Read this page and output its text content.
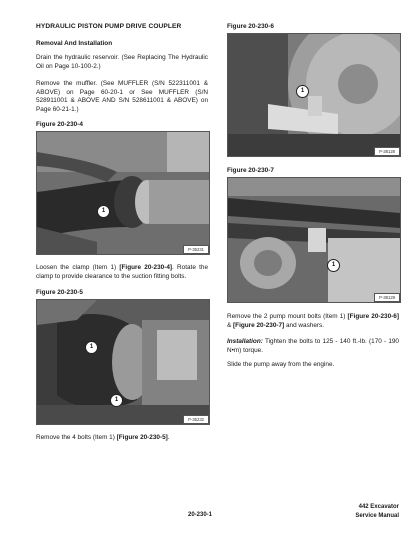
HYDRAULIC PISTON PUMP DRIVE COUPLER
Removal And Installation
Drain the hydraulic reservoir. (See Replacing The Hydraulic Oil on Page 10-100-2.)
Remove the muffler. (See MUFFLER (S/N 522311001 & ABOVE) on Page 60-20-1 or See MUFFLER (S/N 528911001 & ABOVE AND S/N 528611001 & ABOVE) on Page 60-21-1.)
Figure 20-230-4
1
P-35231
Loosen the clamp (Item 1) [Figure 20-230-4]. Rotate the clamp to provide clearance to the suction fitting bolts.
Figure 20-230-5
1
1
P-35232
Remove the 4 bolts (Item 1) [Figure 20-230-5].
Figure 20-230-6
1
P-38128
Figure 20-230-7
1
P-38129
Remove the 2 pump mount bolts (Item 1) [Figure 20-230-6] & [Figure 20-230-7] and washers.
Installation: Tighten the bolts to 125 - 140 ft.-lb. (170 - 190 N•m) torque.
Slide the pump away from the engine.
20-230-1
442 Excavator
Service Manual
